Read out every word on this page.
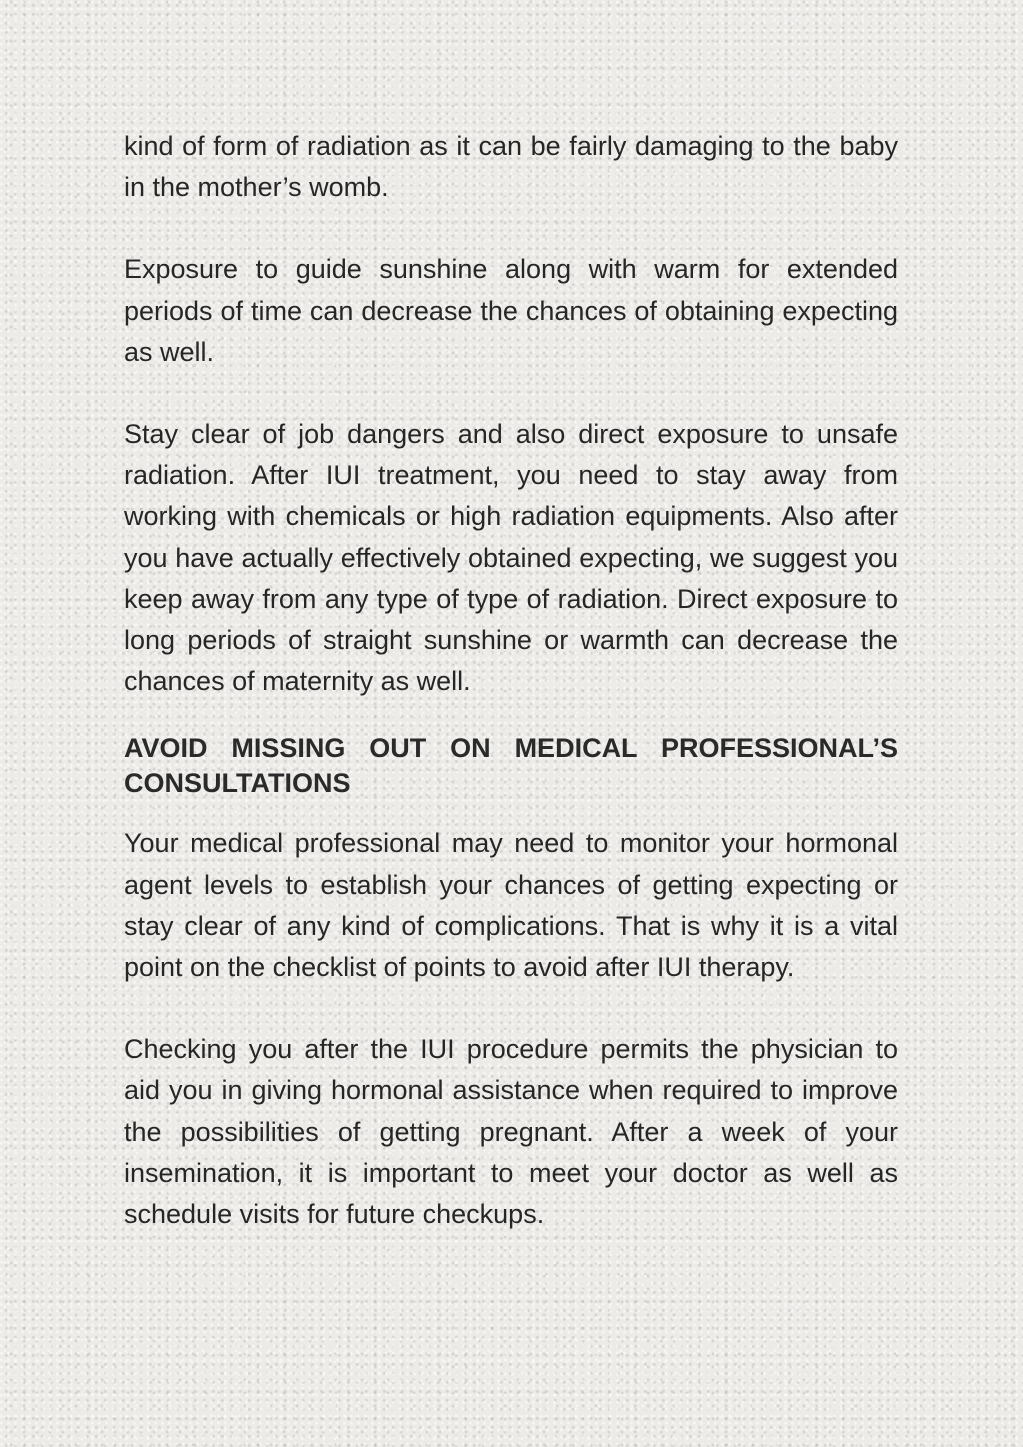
kind of form of radiation as it can be fairly damaging to the baby in the mother’s womb.

Exposure to guide sunshine along with warm for extended periods of time can decrease the chances of obtaining expecting as well.

Stay clear of job dangers and also direct exposure to unsafe radiation. After IUI treatment, you need to stay away from working with chemicals or high radiation equipments. Also after you have actually effectively obtained expecting, we suggest you keep away from any type of type of radiation. Direct exposure to long periods of straight sunshine or warmth can decrease the chances of maternity as well.

AVOID MISSING OUT ON MEDICAL PROFESSIONAL’S CONSULTATIONS

Your medical professional may need to monitor your hormonal agent levels to establish your chances of getting expecting or stay clear of any kind of complications. That is why it is a vital point on the checklist of points to avoid after IUI therapy.

Checking you after the IUI procedure permits the physician to aid you in giving hormonal assistance when required to improve the possibilities of getting pregnant. After a week of your insemination, it is important to meet your doctor as well as schedule visits for future checkups.
